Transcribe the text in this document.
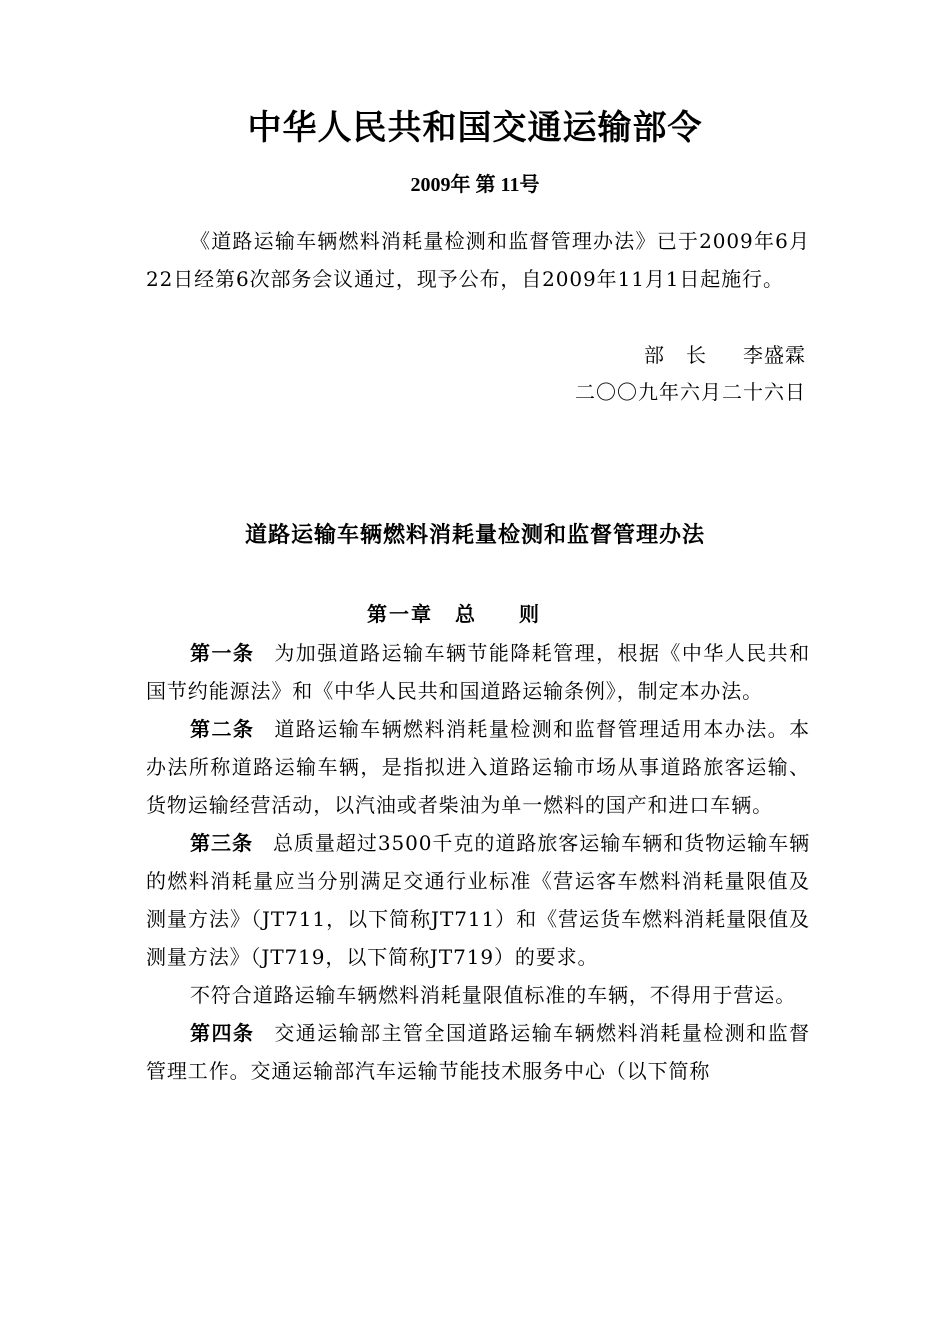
中华人民共和国交通运输部令
2009年 第 11号

《道路运输车辆燃料消耗量检测和监督管理办法》已于2009年6月22日经第6次部务会议通过，现予公布，自2009年11月1日起施行。

部　长 李盛霖
二〇〇九年六月二十六日
道路运输车辆燃料消耗量检测和监督管理办法
第一章 总则

第一条 为加强道路运输车辆节能降耗管理，根据《中华人民共和国节约能源法》和《中华人民共和国道路运输条例》，制定本办法。

第二条 道路运输车辆燃料消耗量检测和监督管理适用本办法。本办法所称道路运输车辆，是指拟进入道路运输市场从事道路旅客运输、货物运输经营活动，以汽油或者柴油为单一燃料的国产和进口车辆。

第三条 总质量超过3500千克的道路旅客运输车辆和货物运输车辆的燃料消耗量应当分别满足交通行业标准《营运客车燃料消耗量限值及测量方法》（JT711，以下简称JT711）和《营运货车燃料消耗量限值及测量方法》（JT719，以下简称JT719）的要求。

不符合道路运输车辆燃料消耗量限值标准的车辆，不得用于营运。

第四条 交通运输部主管全国道路运输车辆燃料消耗量检测和监督管理工作。交通运输部汽车运输节能技术服务中心（以下简称
